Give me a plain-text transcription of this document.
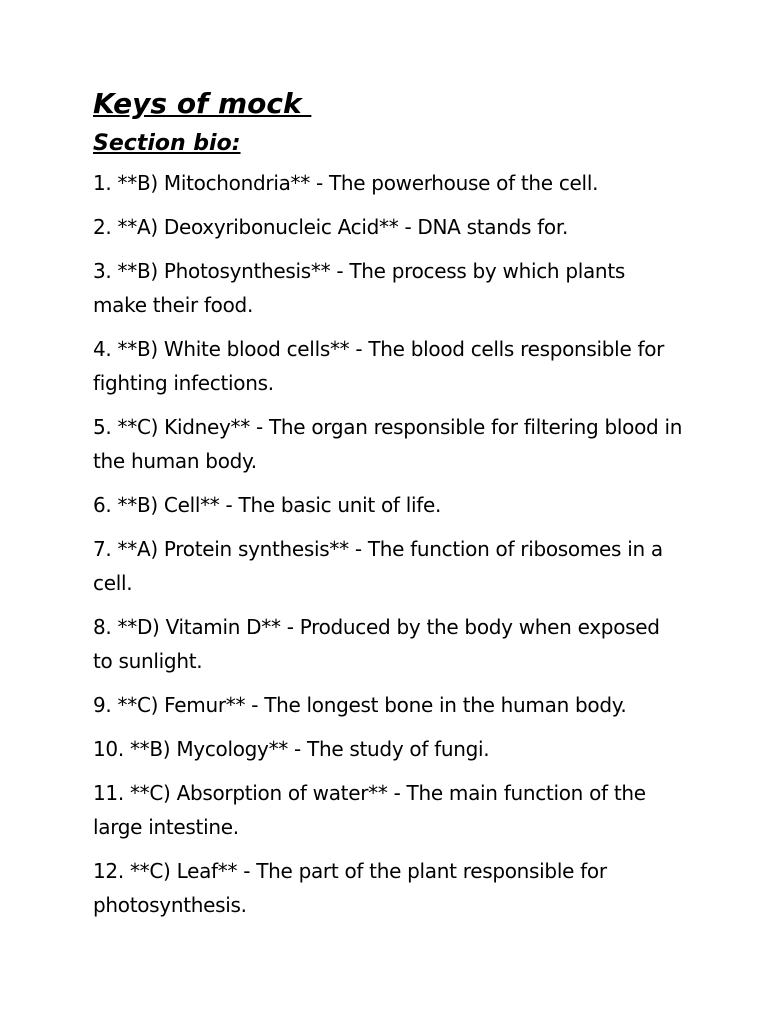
Keys of mock
Section bio:
1. **B) Mitochondria** - The powerhouse of the cell.
2. **A) Deoxyribonucleic Acid** - DNA stands for.
3. **B) Photosynthesis** - The process by which plants make their food.
4. **B) White blood cells** - The blood cells responsible for fighting infections.
5. **C) Kidney** - The organ responsible for filtering blood in the human body.
6. **B) Cell** - The basic unit of life.
7. **A) Protein synthesis** - The function of ribosomes in a cell.
8. **D) Vitamin D** - Produced by the body when exposed to sunlight.
9. **C) Femur** - The longest bone in the human body.
10. **B) Mycology** - The study of fungi.
11. **C) Absorption of water** - The main function of the large intestine.
12. **C) Leaf** - The part of the plant responsible for photosynthesis.
